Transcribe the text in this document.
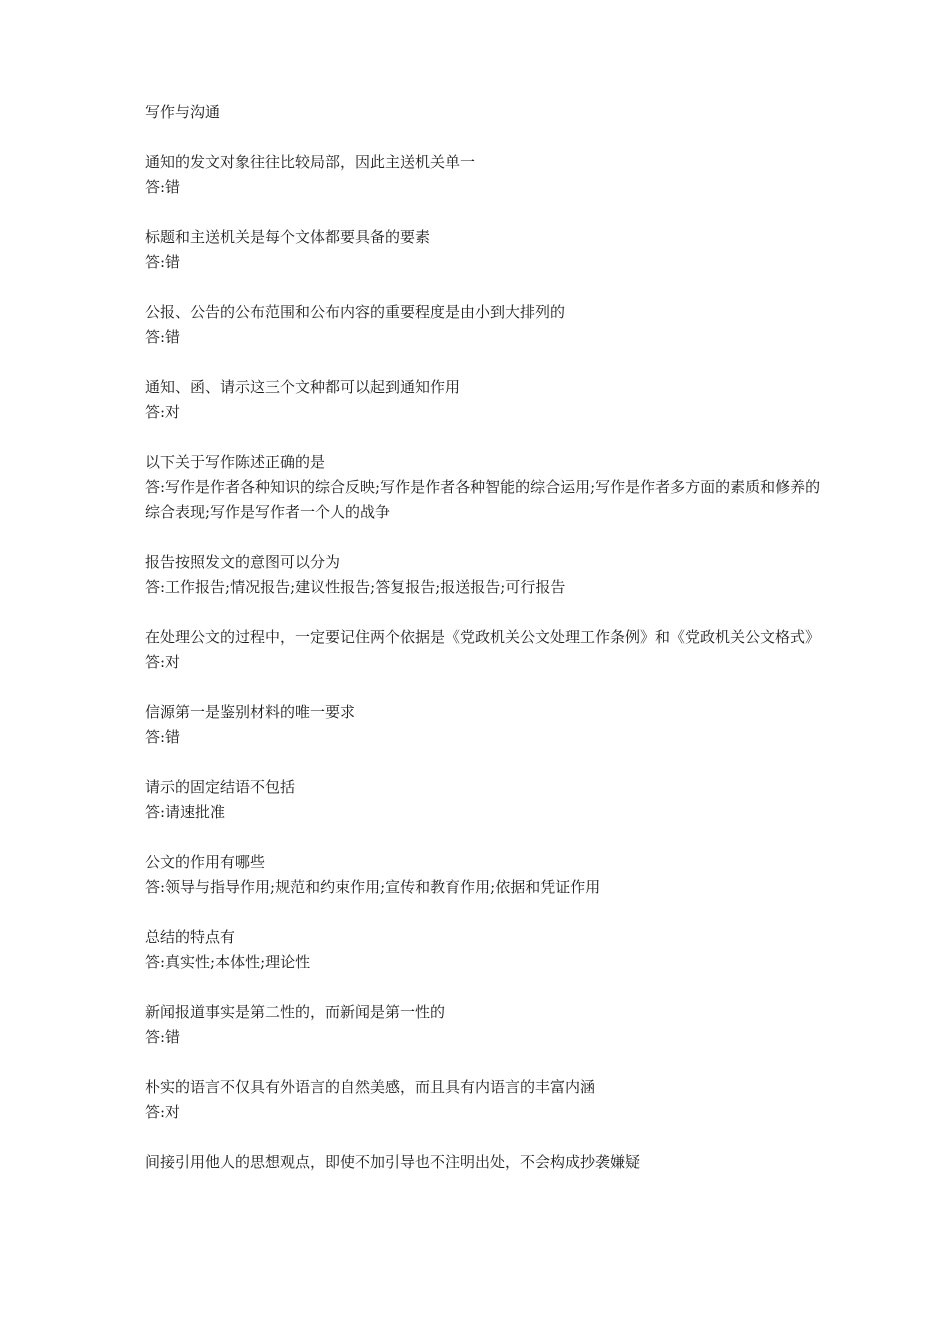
写作与沟通

通知的发文对象往往比较局部，因此主送机关单一

答:错

标题和主送机关是每个文体都要具备的要素

答:错

公报、公告的公布范围和公布内容的重要程度是由小到大排列的

答:错

通知、函、请示这三个文种都可以起到通知作用

答:对

以下关于写作陈述正确的是

答:写作是作者各种知识的综合反映;写作是作者各种智能的综合运用;写作是作者多方面的素质和修养的综合表现;写作是写作者一个人的战争

报告按照发文的意图可以分为

答:工作报告;情况报告;建议性报告;答复报告;报送报告;可行报告

在处理公文的过程中，一定要记住两个依据是《党政机关公文处理工作条例》和《党政机关公文格式》

答:对

信源第一是鉴别材料的唯一要求

答:错

请示的固定结语不包括

答:请速批准

公文的作用有哪些

答:领导与指导作用;规范和约束作用;宣传和教育作用;依据和凭证作用

总结的特点有

答:真实性;本体性;理论性

新闻报道事实是第二性的，而新闻是第一性的

答:错

朴实的语言不仅具有外语言的自然美感，而且具有内语言的丰富内涵

答:对

间接引用他人的思想观点，即使不加引导也不注明出处，不会构成抄袭嫌疑
